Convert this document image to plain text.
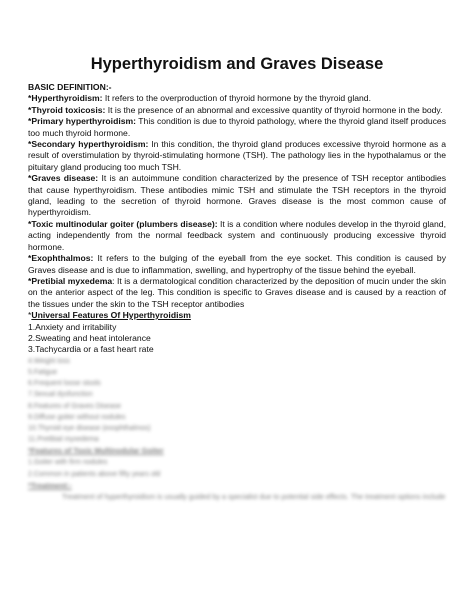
Hyperthyroidism and Graves Disease

BASIC DEFINITION:-

*Hyperthyroidism: It refers to the overproduction of thyroid hormone by the thyroid gland.

*Thyroid toxicosis: It is the presence of an abnormal and excessive quantity of thyroid hormone in the body.

*Primary hyperthyroidism: This condition is due to thyroid pathology, where the thyroid gland itself produces too much thyroid hormone.

*Secondary hyperthyroidism: In this condition, the thyroid gland produces excessive thyroid hormone as a result of overstimulation by thyroid-stimulating hormone (TSH). The pathology lies in the hypothalamus or the pituitary gland producing too much TSH.

*Graves disease: It is an autoimmune condition characterized by the presence of TSH receptor antibodies that cause hyperthyroidism. These antibodies mimic TSH and stimulate the TSH receptors in the thyroid gland, leading to the secretion of thyroid hormone. Graves disease is the most common cause of hyperthyroidism.

*Toxic multinodular goiter (plumbers disease): It is a condition where nodules develop in the thyroid gland, acting independently from the normal feedback system and continuously producing excessive thyroid hormone.

*Exophthalmos: It refers to the bulging of the eyeball from the eye socket. This condition is caused by Graves disease and is due to inflammation, swelling, and hypertrophy of the tissue behind the eyeball.

*Pretibial myxedema: It is a dermatological condition characterized by the deposition of mucin under the skin on the anterior aspect of the leg. This condition is specific to Graves disease and is caused by a reaction of the tissues under the skin to the TSH receptor antibodies

*Universal Features Of Hyperthyroidism

1.Anxiety and irritability
2.Sweating and heat intolerance
3.Tachycardia or a fast heart rate
4.Weight loss
5.Fatigue
6.Frequent loose stools
7.Sexual dysfunction
8.Features of Graves Disease
9.Diffuse goiter without nodules
10.Thyroid eye disease (exophthalmos)
11.Pretibial myxedema

*Features of Toxic Multinodular Goiter

1.Goiter with firm nodules
2.Common in patients above fifty years old

*Treatment:-

Treatment of hyperthyroidism is usually guided by a specialist due to potential side effects. The treatment options include
